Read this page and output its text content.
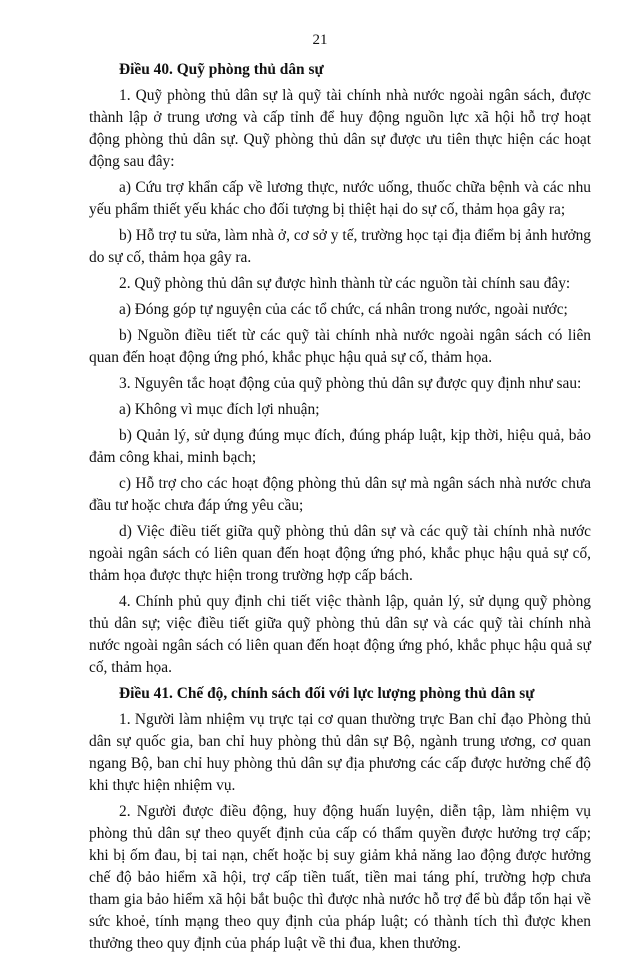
21
Điều 40. Quỹ phòng thủ dân sự

1. Quỹ phòng thủ dân sự là quỹ tài chính nhà nước ngoài ngân sách, được thành lập ở trung ương và cấp tỉnh để huy động nguồn lực xã hội hỗ trợ hoạt động phòng thủ dân sự. Quỹ phòng thủ dân sự được ưu tiên thực hiện các hoạt động sau đây:

a) Cứu trợ khẩn cấp về lương thực, nước uống, thuốc chữa bệnh và các nhu yếu phẩm thiết yếu khác cho đối tượng bị thiệt hại do sự cố, thảm họa gây ra;

b) Hỗ trợ tu sửa, làm nhà ở, cơ sở y tế, trường học tại địa điểm bị ảnh hưởng do sự cố, thảm họa gây ra.

2. Quỹ phòng thủ dân sự được hình thành từ các nguồn tài chính sau đây:

a) Đóng góp tự nguyện của các tổ chức, cá nhân trong nước, ngoài nước;

b) Nguồn điều tiết từ các quỹ tài chính nhà nước ngoài ngân sách có liên quan đến hoạt động ứng phó, khắc phục hậu quả sự cố, thảm họa.

3. Nguyên tắc hoạt động của quỹ phòng thủ dân sự được quy định như sau:

a) Không vì mục đích lợi nhuận;

b) Quản lý, sử dụng đúng mục đích, đúng pháp luật, kịp thời, hiệu quả, bảo đảm công khai, minh bạch;

c) Hỗ trợ cho các hoạt động phòng thủ dân sự mà ngân sách nhà nước chưa đầu tư hoặc chưa đáp ứng yêu cầu;

d) Việc điều tiết giữa quỹ phòng thủ dân sự và các quỹ tài chính nhà nước ngoài ngân sách có liên quan đến hoạt động ứng phó, khắc phục hậu quả sự cố, thảm họa được thực hiện trong trường hợp cấp bách.

4. Chính phủ quy định chi tiết việc thành lập, quản lý, sử dụng quỹ phòng thủ dân sự; việc điều tiết giữa quỹ phòng thủ dân sự và các quỹ tài chính nhà nước ngoài ngân sách có liên quan đến hoạt động ứng phó, khắc phục hậu quả sự cố, thảm họa.

Điều 41. Chế độ, chính sách đối với lực lượng phòng thủ dân sự

1. Người làm nhiệm vụ trực tại cơ quan thường trực Ban chỉ đạo Phòng thủ dân sự quốc gia, ban chỉ huy phòng thủ dân sự Bộ, ngành trung ương, cơ quan ngang Bộ, ban chỉ huy phòng thủ dân sự địa phương các cấp được hưởng chế độ khi thực hiện nhiệm vụ.

2. Người được điều động, huy động huấn luyện, diễn tập, làm nhiệm vụ phòng thủ dân sự theo quyết định của cấp có thẩm quyền được hưởng trợ cấp; khi bị ốm đau, bị tai nạn, chết hoặc bị suy giảm khả năng lao động được hưởng chế độ bảo hiểm xã hội, trợ cấp tiền tuất, tiền mai táng phí, trường hợp chưa tham gia bảo hiểm xã hội bắt buộc thì được nhà nước hỗ trợ để bù đắp tổn hại về sức khoẻ, tính mạng theo quy định của pháp luật; có thành tích thì được khen thưởng theo quy định của pháp luật về thi đua, khen thưởng.
